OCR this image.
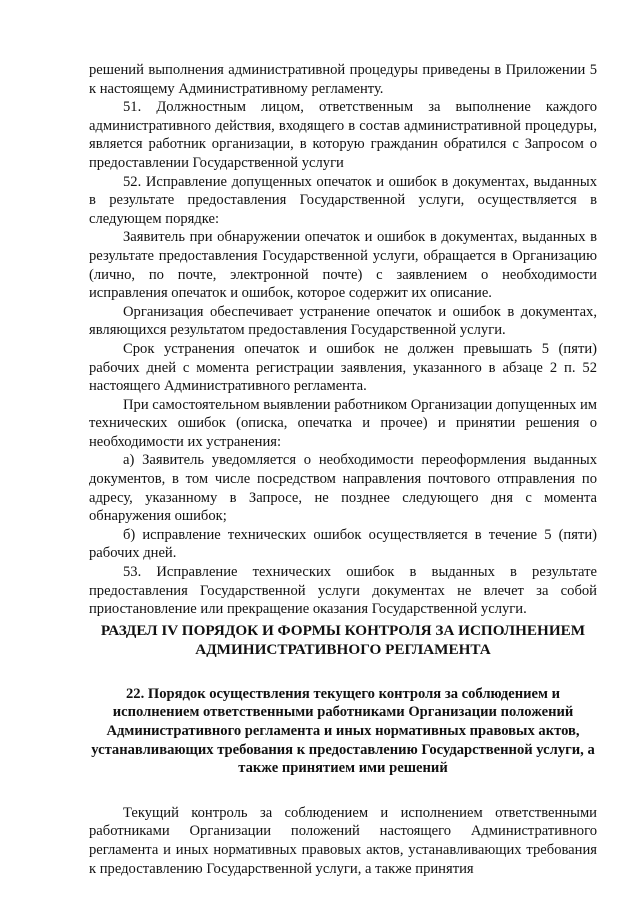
решений выполнения административной процедуры приведены в Приложении 5 к настоящему Административному регламенту.

51. Должностным лицом, ответственным за выполнение каждого административного действия, входящего в состав административной процедуры, является работник организации, в которую гражданин обратился с Запросом о предоставлении Государственной услуги

52. Исправление допущенных опечаток и ошибок в документах, выданных в результате предоставления Государственной услуги, осуществляется в следующем порядке:

Заявитель при обнаружении опечаток и ошибок в документах, выданных в результате предоставления Государственной услуги, обращается в Организацию (лично, по почте, электронной почте) с заявлением о необходимости исправления опечаток и ошибок, которое содержит их описание.

Организация обеспечивает устранение опечаток и ошибок в документах, являющихся результатом предоставления Государственной услуги.

Срок устранения опечаток и ошибок не должен превышать 5 (пяти) рабочих дней с момента регистрации заявления, указанного в абзаце 2 п. 52 настоящего Административного регламента.

При самостоятельном выявлении работником Организации допущенных им технических ошибок (описка, опечатка и прочее) и принятии решения о необходимости их устранения:

а) Заявитель уведомляется о необходимости переоформления выданных документов, в том числе посредством направления почтового отправления по адресу, указанному в Запросе, не позднее следующего дня с момента обнаружения ошибок;

б) исправление технических ошибок осуществляется в течение 5 (пяти) рабочих дней.

53. Исправление технических ошибок в выданных в результате предоставления Государственной услуги документах не влечет за собой приостановление или прекращение оказания Государственной услуги.

РАЗДЕЛ IV ПОРЯДОК И ФОРМЫ КОНТРОЛЯ ЗА ИСПОЛНЕНИЕМ АДМИНИСТРАТИВНОГО РЕГЛАМЕНТА

22. Порядок осуществления текущего контроля за соблюдением и исполнением ответственными работниками Организации положений Административного регламента и иных нормативных правовых актов, устанавливающих требования к предоставлению Государственной услуги, а также принятием ими решений

Текущий контроль за соблюдением и исполнением ответственными работниками Организации положений настоящего Административного регламента и иных нормативных правовых актов, устанавливающих требования к предоставлению Государственной услуги, а также принятия
